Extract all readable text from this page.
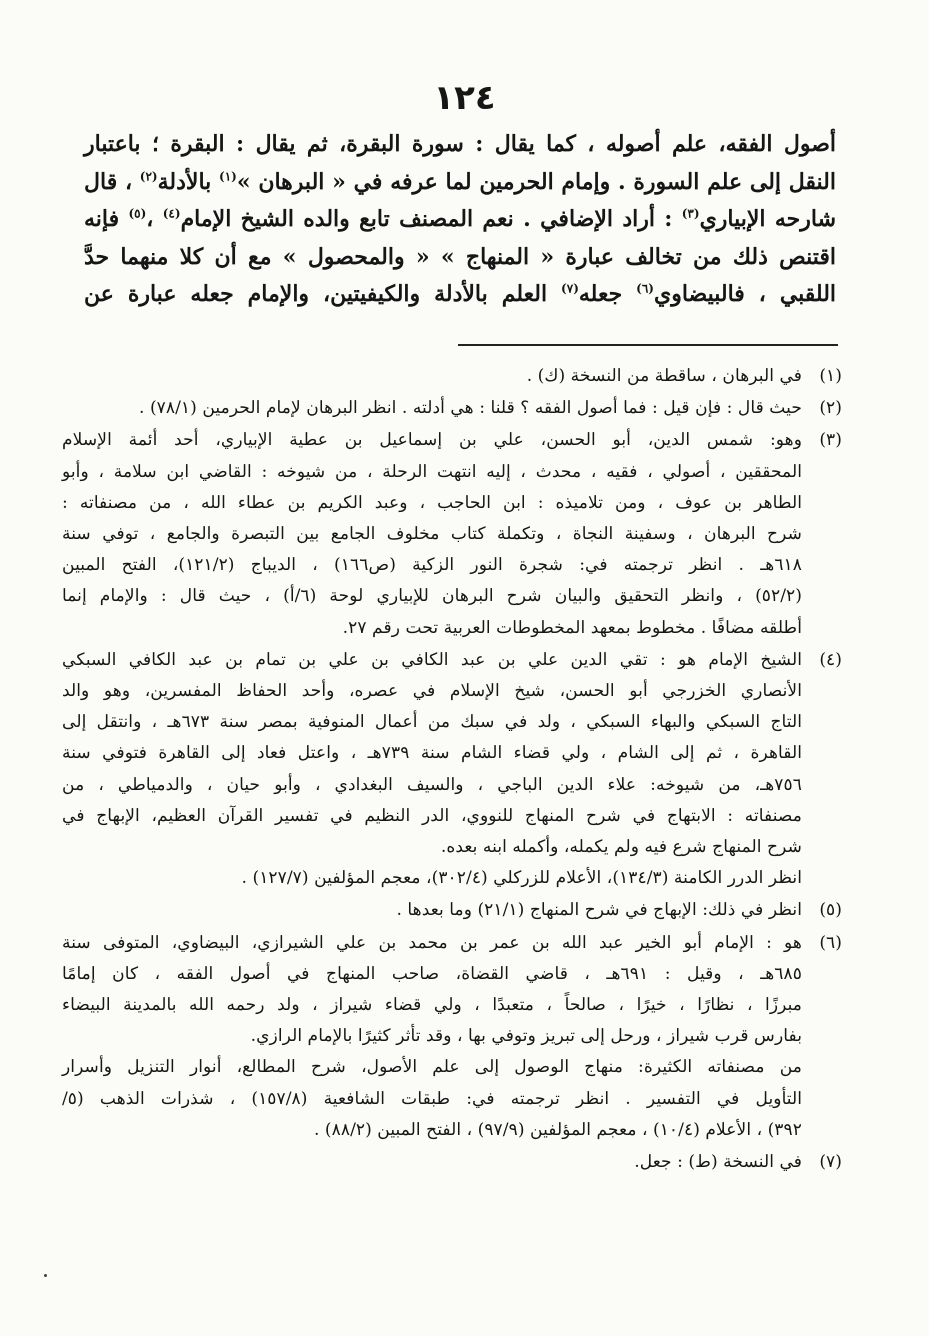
١٢٤
أصول الفقه، علم أصوله ، كما يقال : سورة البقرة، ثم يقال : البقرة ؛ باعتبار
النقل إلى علم السورة . وإمام الحرمين لما عرفه في « البرهان »$^{(١)}$ بالأدلة$^{(٢)}$ ، قال
شارحه الإبياري$^{(٣)}$ : أراد الإضافي . نعم المصنف تابع والده الشيخ الإمام$^{(٤)}$ ،$^{(٥)}$ فإنه
اقتنص ذلك من تخالف عبارة « المنهاج » « والمحصول » مع أن كلا منهما حدَّ
اللقبي ، فالبيضاوي$^{(٦)}$ جعله$^{(٧)}$ العلم بالأدلة والكيفيتين، والإمام جعله عبارة عن
(١)
في البرهان ، ساقطة من النسخة (ك) .
(٢)
حيث قال : فإن قيل : فما أصول الفقه ؟ قلنا : هي أدلته . انظر البرهان لإمام الحرمين (٧٨/١) .
(٣)
وهو: شمس الدين، أبو الحسن، علي بن إسماعيل بن عطية الإبياري، أحد أئمة الإسلام
المحققين ، أصولي ، فقيه ، محدث ، إليه انتهت الرحلة ، من شيوخه : القاضي ابن سلامة ، وأبو
الطاهر بن عوف ، ومن تلاميذه : ابن الحاجب ، وعبد الكريم بن عطاء الله ، من مصنفاته :
شرح البرهان ، وسفينة النجاة ، وتكملة كتاب مخلوف الجامع بين التبصرة والجامع ، توفي سنة
٦١٨هـ . انظر ترجمته في: شجرة النور الزكية (ص١٦٦) ، الديباج (١٢١/٢)، الفتح المبين
(٥٢/٢) ، وانظر التحقيق والبيان شرح البرهان للإبياري لوحة (٦/أ) ، حيث قال : والإمام إنما
أطلقه مضافًا . مخطوط بمعهد المخطوطات العربية تحت رقم ٢٧.
(٤)
الشيخ الإمام هو : تقي الدين علي بن عبد الكافي بن علي بن تمام بن عبد الكافي السبكي
الأنصاري الخزرجي أبو الحسن، شيخ الإسلام في عصره، وأحد الحفاظ المفسرين، وهو والد
التاج السبكي والبهاء السبكي ، ولد في سبك من أعمال المنوفية بمصر سنة ٦٧٣هـ ، وانتقل إلى
القاهرة ، ثم إلى الشام ، ولي قضاء الشام سنة ٧٣٩هـ ، واعتل فعاد إلى القاهرة فتوفي سنة
٧٥٦هـ، من شيوخه: علاء الدين الباجي ، والسيف البغدادي ، وأبو حيان ، والدمياطي ، من
مصنفاته : الابتهاج في شرح المنهاج للنووي، الدر النظيم في تفسير القرآن العظيم، الإبهاج في
شرح المنهاج شرع فيه ولم يكمله، وأكمله ابنه بعده.
انظر الدرر الكامنة (١٣٤/٣)، الأعلام للزركلي (٣٠٢/٤)، معجم المؤلفين (١٢٧/٧) .
(٥)
انظر في ذلك: الإبهاج في شرح المنهاج (٢١/١) وما بعدها .
(٦)
هو : الإمام أبو الخير عبد الله بن عمر بن محمد بن علي الشيرازي، البيضاوي، المتوفى سنة
٦٨٥هـ ، وقيل : ٦٩١هـ ، قاضي القضاة، صاحب المنهاج في أصول الفقه ، كان إمامًا
مبرزًا ، نظارًا ، خيرًا ، صالحاً ، متعبدًا ، ولي قضاء شيراز ، ولد رحمه الله بالمدينة البيضاء
بفارس قرب شيراز ، ورحل إلى تبريز وتوفي بها ، وقد تأثر كثيرًا بالإمام الرازي.
من مصنفاته الكثيرة: منهاج الوصول إلى علم الأصول، شرح المطالع، أنوار التنزيل وأسرار
التأويل في التفسير . انظر ترجمته في: طبقات الشافعية (١٥٧/٨) ، شذرات الذهب (٥/
٣٩٢) ، الأعلام (١٠/٤) ، معجم المؤلفين (٩٧/٩) ، الفتح المبين (٨٨/٢) .
(٧)
في النسخة (ط) : جعل.
